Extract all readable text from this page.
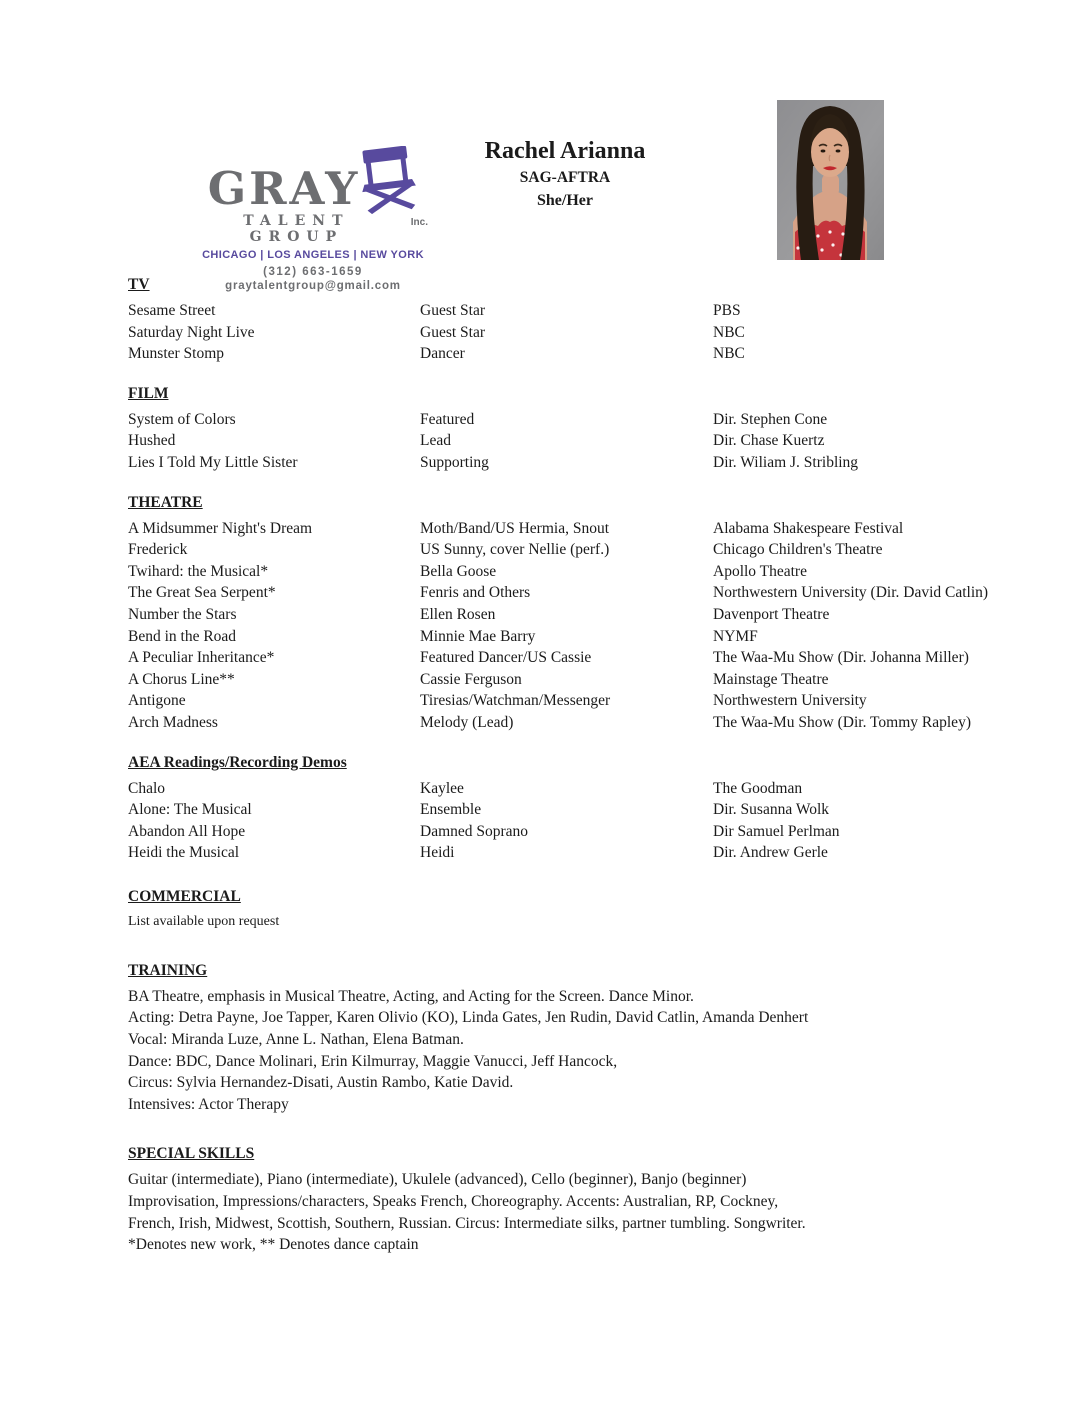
GRAY
TALENT GROUP
Inc.
CHICAGO | LOS ANGELES | NEW YORK
(312) 663-1659
graytalentgroup@gmail.com
Rachel Arianna
SAG-AFTRA
She/Her
TV
Sesame Street	Guest Star	PBS
Saturday Night Live	Guest Star	NBC
Munster Stomp	Dancer	NBC
FILM
System of Colors	Featured	Dir. Stephen Cone
Hushed	Lead	Dir. Chase Kuertz
Lies I Told My Little Sister	Supporting	Dir. Wiliam J. Stribling
THEATRE
A Midsummer Night's Dream	Moth/Band/US Hermia, Snout	Alabama Shakespeare Festival
Frederick	US Sunny, cover Nellie (perf.)	Chicago Children's Theatre
Twihard: the Musical*	Bella Goose	Apollo Theatre
The Great Sea Serpent*	Fenris and Others	Northwestern University (Dir. David Catlin)
Number the Stars	Ellen Rosen	Davenport Theatre
Bend in the Road	Minnie Mae Barry	NYMF
A Peculiar Inheritance*	Featured Dancer/US Cassie	The Waa-Mu Show (Dir. Johanna Miller)
A Chorus Line**	Cassie Ferguson	Mainstage Theatre
Antigone	Tiresias/Watchman/Messenger	Northwestern University
Arch Madness	Melody (Lead)	The Waa-Mu Show (Dir. Tommy Rapley)
AEA Readings/Recording Demos
Chalo	Kaylee	The Goodman
Alone: The Musical	Ensemble	Dir. Susanna Wolk
Abandon All Hope	Damned Soprano	Dir Samuel Perlman
Heidi the Musical	Heidi	Dir. Andrew Gerle
COMMERCIAL

List available upon request

TRAINING

BA Theatre, emphasis in Musical Theatre, Acting, and Acting for the Screen. Dance Minor.

Acting: Detra Payne, Joe Tapper, Karen Olivio (KO), Linda Gates, Jen Rudin, David Catlin, Amanda Denhert

Vocal: Miranda Luze, Anne L. Nathan, Elena Batman.

Dance: BDC, Dance Molinari, Erin Kilmurray, Maggie Vanucci, Jeff Hancock,

Circus: Sylvia Hernandez-Disati, Austin Rambo, Katie David.

Intensives: Actor Therapy

SPECIAL SKILLS

Guitar (intermediate), Piano (intermediate), Ukulele (advanced), Cello (beginner), Banjo (beginner)

Improvisation, Impressions/characters, Speaks French, Choreography. Accents: Australian, RP, Cockney,

French, Irish, Midwest, Scottish, Southern, Russian. Circus: Intermediate silks, partner tumbling. Songwriter.

*Denotes new work, ** Denotes dance captain
